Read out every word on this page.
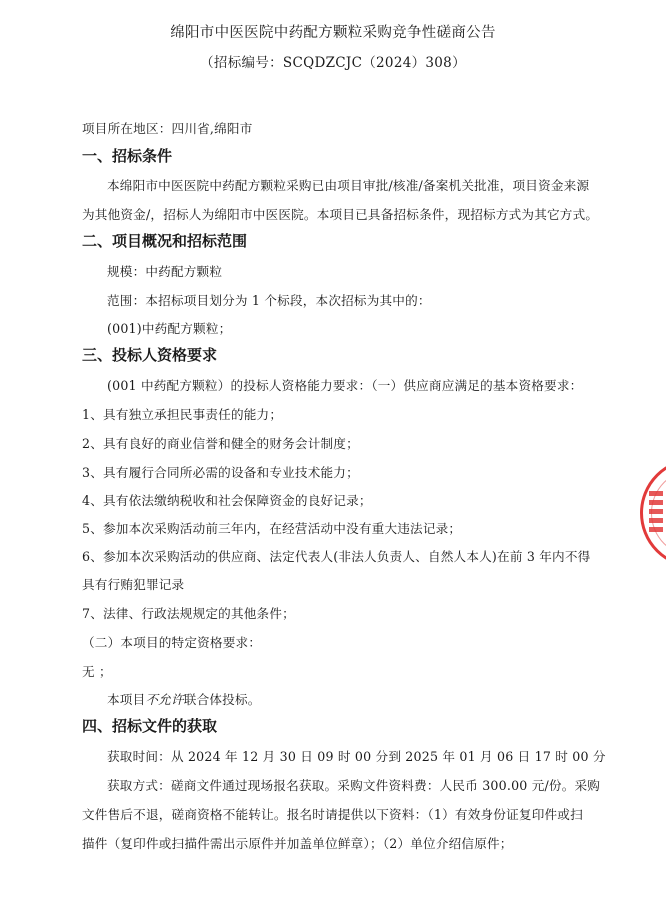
绵阳市中医医院中药配方颗粒采购竞争性磋商公告
（招标编号：SCQDZCJC（2024）308）
项目所在地区：四川省,绵阳市
一、招标条件
本绵阳市中医医院中药配方颗粒采购已由项目审批/核准/备案机关批准，项目资金来源
为其他资金/，招标人为绵阳市中医医院。本项目已具备招标条件，现招标方式为其它方式。
二、项目概况和招标范围
规模：中药配方颗粒
范围：本招标项目划分为 1 个标段，本次招标为其中的：
(001)中药配方颗粒；
三、投标人资格要求
(001 中药配方颗粒）的投标人资格能力要求：（一）供应商应满足的基本资格要求：
1、具有独立承担民事责任的能力；
2、具有良好的商业信誉和健全的财务会计制度；
3、具有履行合同所必需的设备和专业技术能力；
4、具有依法缴纳税收和社会保障资金的良好记录；
5、参加本次采购活动前三年内，在经营活动中没有重大违法记录；
6、参加本次采购活动的供应商、法定代表人(非法人负责人、自然人本人)在前 3 年内不得
具有行贿犯罪记录
7、法律、行政法规规定的其他条件；
（二）本项目的特定资格要求：
无 ；
本项目不允许联合体投标。
四、招标文件的获取
获取时间：从 2024 年 12 月 30 日 09 时 00 分到 2025 年 01 月 06 日 17 时 00 分
获取方式：磋商文件通过现场报名获取。采购文件资料费：人民币 300.00 元/份。采购
文件售后不退，磋商资格不能转让。报名时请提供以下资料：（1）有效身份证复印件或扫
描件（复印件或扫描件需出示原件并加盖单位鲜章）；（2）单位介绍信原件；
